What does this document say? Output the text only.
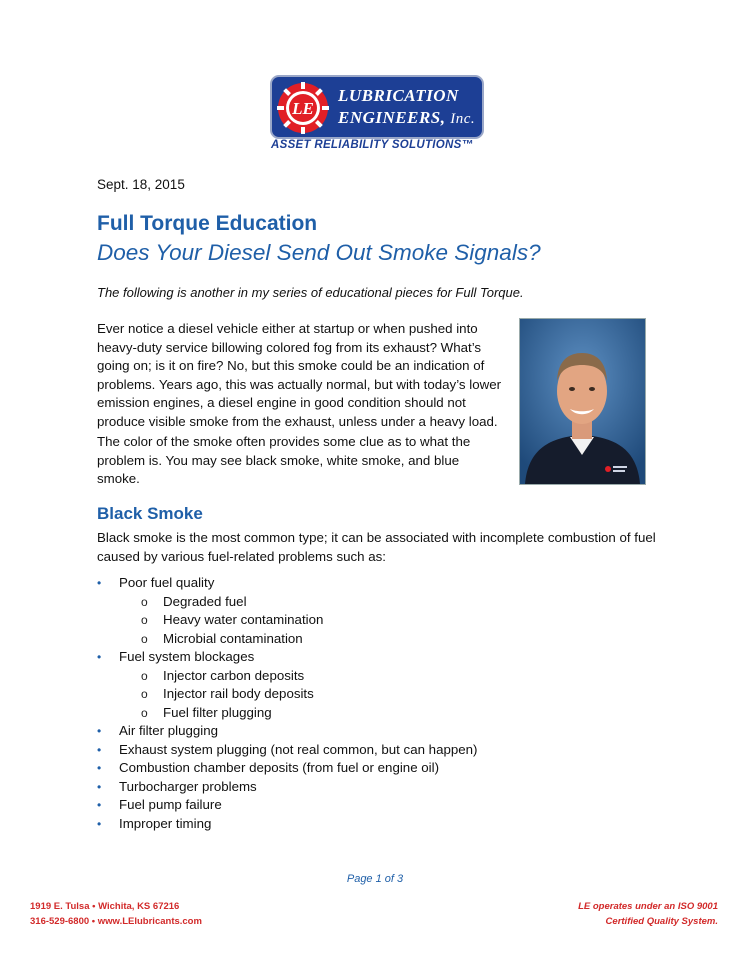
LE
LUBRICATION
ENGINEERS, Inc.
ASSET RELIABILITY SOLUTIONS™
Sept. 18, 2015
Full Torque Education
Does Your Diesel Send Out Smoke Signals?
The following is another in my series of educational pieces for Full Torque.
Ever notice a diesel vehicle either at startup or when pushed into heavy-duty service billowing colored fog from its exhaust? What’s going on; is it on fire? No, but this smoke could be an indication of problems. Years ago, this was actually normal, but with today’s lower emission engines, a diesel engine in good condition should not produce visible smoke from the exhaust, unless under a heavy load.
The color of the smoke often provides some clue as to what the problem is. You may see black smoke, white smoke, and blue smoke.
Black Smoke
Black smoke is the most common type; it can be associated with incomplete combustion of fuel caused by various fuel-related problems such as:
• Poor fuel quality
o Degraded fuel
o Heavy water contamination
o Microbial contamination
• Fuel system blockages
o Injector carbon deposits
o Injector rail body deposits
o Fuel filter plugging
• Air filter plugging
• Exhaust system plugging (not real common, but can happen)
• Combustion chamber deposits (from fuel or engine oil)
• Turbocharger problems
• Fuel pump failure
• Improper timing
Page 1 of 3
1919 E. Tulsa • Wichita, KS 67216
316-529-6800 • www.LElubricants.com
LE operates under an ISO 9001
Certified Quality System.
